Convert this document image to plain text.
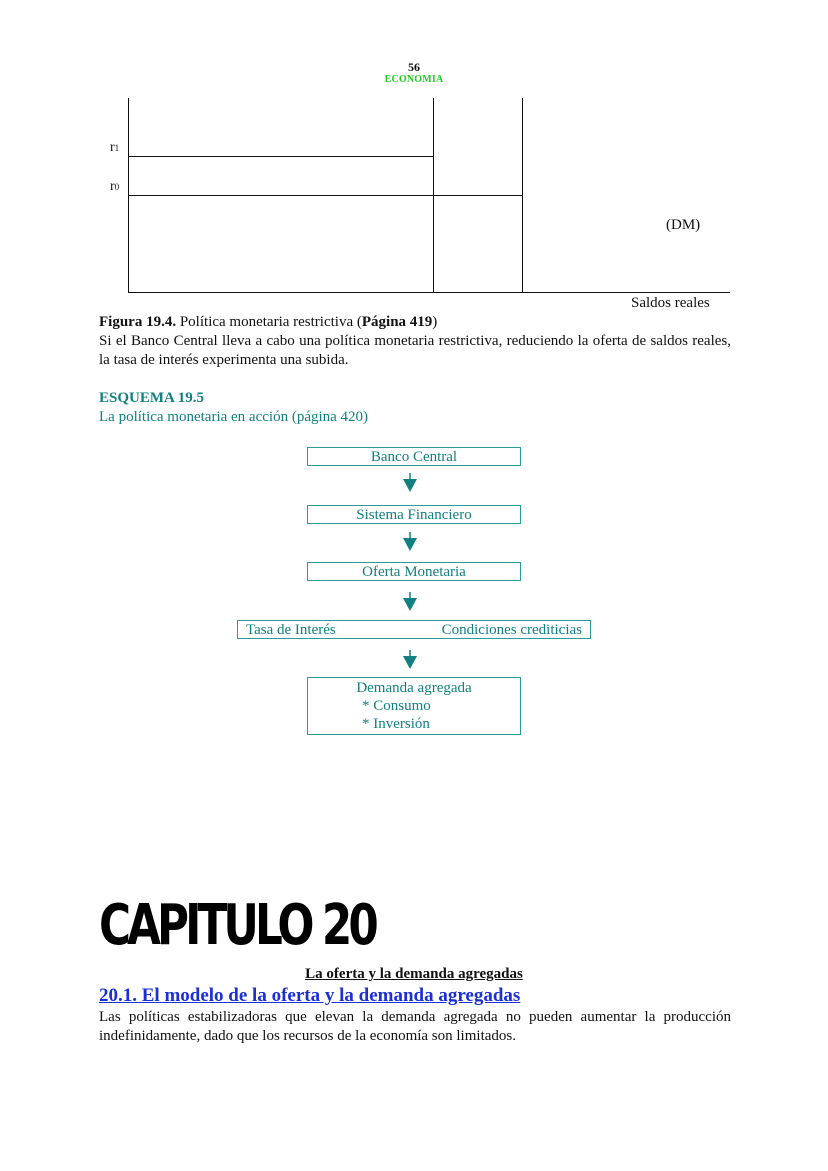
56
ECONOMIA
r1
r0
(DM)
Saldos reales
Figura 19.4. Política monetaria restrictiva (Página 419)
Si el Banco Central lleva a cabo una política monetaria restrictiva, reduciendo la oferta de saldos reales, la tasa de interés experimenta una subida.
ESQUEMA 19.5
La política monetaria en acción (página 420)
Banco Central
Sistema Financiero
Oferta Monetaria
Tasa de Interés	Condiciones crediticias
Demanda agregada
* Consumo
* Inversión
CAPITULO 20
La oferta y la demanda agregadas
20.1. El modelo de la oferta y la demanda agregadas
Las políticas estabilizadoras que elevan la demanda agregada no pueden aumentar la producción indefinidamente, dado que los recursos de la economía son limitados.
